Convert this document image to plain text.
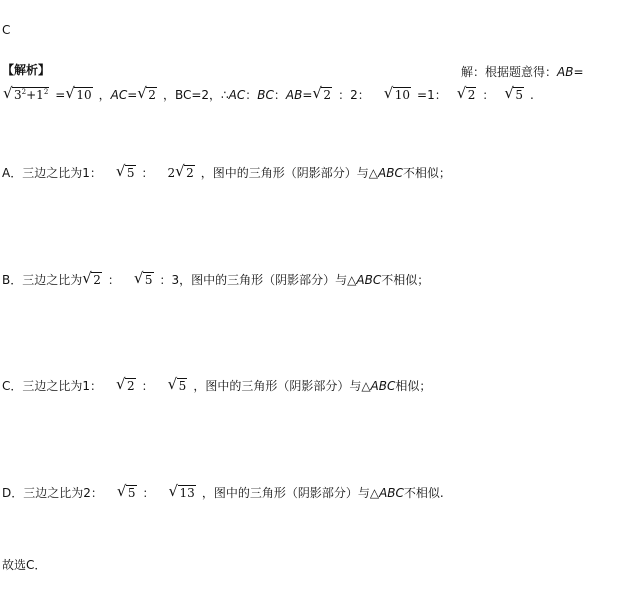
C
【解析】	解：根据题意得：AB=
√ $3^2+1^2$ = √ 10 ，AC= √ 2 ，BC=2，∴AC：BC：AB= √ 2 ：2： √ 10 =1： √ 2 ： √ 5 .
A．三边之比为1： √ 5 ： 2 √ 2 ，图中的三角形（阴影部分）与△ABC不相似；
B．三边之比为 √ 2 ： √ 5 ：3，图中的三角形（阴影部分）与△ABC不相似；
C．三边之比为1： √ 2 ： √ 5 ，图中的三角形（阴影部分）与△ABC相似；
D．三边之比为2： √ 5 ： √ 13 ，图中的三角形（阴影部分）与△ABC不相似.
故选C．
